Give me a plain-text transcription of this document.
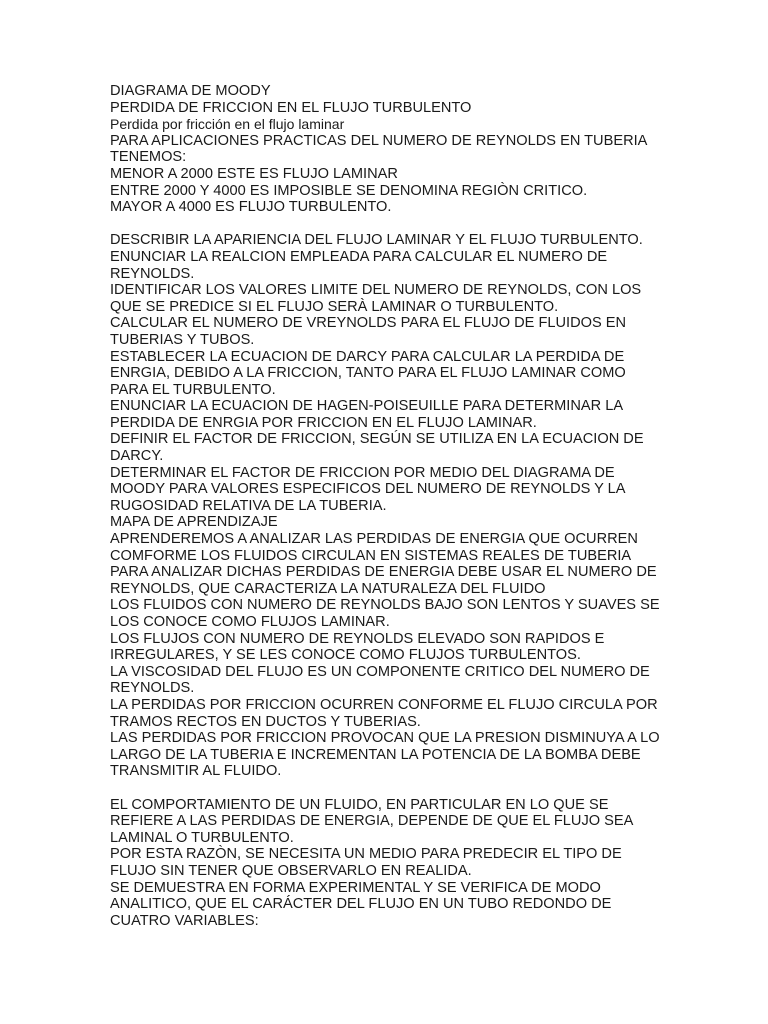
DIAGRAMA DE MOODY
PERDIDA DE FRICCION EN EL FLUJO TURBULENTO
Perdida por fricción en el flujo laminar
PARA APLICACIONES PRACTICAS DEL NUMERO DE REYNOLDS EN TUBERIA
TENEMOS:
MENOR A 2000 ESTE ES FLUJO LAMINAR
ENTRE 2000 Y 4000 ES IMPOSIBLE SE DENOMINA REGIÒN CRITICO.
MAYOR A 4000 ES FLUJO TURBULENTO.
DESCRIBIR LA APARIENCIA DEL FLUJO LAMINAR Y EL FLUJO TURBULENTO.
ENUNCIAR LA REALCION EMPLEADA PARA CALCULAR EL NUMERO DE
REYNOLDS.
IDENTIFICAR LOS VALORES LIMITE DEL NUMERO DE REYNOLDS, CON LOS
QUE SE PREDICE SI EL FLUJO SERÀ LAMINAR O TURBULENTO.
CALCULAR EL NUMERO DE VREYNOLDS PARA EL FLUJO DE FLUIDOS EN
TUBERIAS Y TUBOS.
ESTABLECER LA ECUACION DE DARCY PARA CALCULAR LA PERDIDA DE
ENRGIA, DEBIDO A LA FRICCION, TANTO PARA EL FLUJO LAMINAR COMO
PARA EL TURBULENTO.
ENUNCIAR LA ECUACION DE HAGEN-POISEUILLE PARA DETERMINAR LA
PERDIDA DE ENRGIA POR FRICCION EN EL FLUJO LAMINAR.
DEFINIR EL FACTOR DE FRICCION, SEGÚN SE UTILIZA EN LA ECUACION DE
DARCY.
DETERMINAR EL FACTOR DE FRICCION POR MEDIO DEL DIAGRAMA DE
MOODY PARA VALORES ESPECIFICOS DEL NUMERO DE REYNOLDS Y LA
RUGOSIDAD RELATIVA DE LA TUBERIA.
MAPA DE APRENDIZAJE
APRENDEREMOS A ANALIZAR LAS PERDIDAS DE ENERGIA QUE OCURREN
COMFORME LOS FLUIDOS CIRCULAN EN SISTEMAS REALES DE TUBERIA
PARA ANALIZAR DICHAS PERDIDAS DE ENERGIA DEBE USAR EL NUMERO DE
REYNOLDS, QUE CARACTERIZA LA NATURALEZA DEL FLUIDO
LOS FLUIDOS CON NUMERO DE REYNOLDS BAJO SON LENTOS Y SUAVES SE
LOS CONOCE COMO FLUJOS LAMINAR.
LOS FLUJOS CON NUMERO DE REYNOLDS ELEVADO SON RAPIDOS E
IRREGULARES, Y SE LES CONOCE COMO FLUJOS TURBULENTOS.
LA VISCOSIDAD DEL FLUJO ES UN COMPONENTE CRITICO DEL NUMERO DE
REYNOLDS.
LA PERDIDAS POR FRICCION OCURREN CONFORME EL FLUJO CIRCULA POR
TRAMOS RECTOS EN DUCTOS Y TUBERIAS.
LAS PERDIDAS POR FRICCION PROVOCAN QUE LA PRESION DISMINUYA A LO
LARGO DE LA TUBERIA E INCREMENTAN LA POTENCIA DE LA BOMBA DEBE
TRANSMITIR AL FLUIDO.
EL COMPORTAMIENTO DE UN FLUIDO, EN PARTICULAR EN LO QUE SE
REFIERE A LAS PERDIDAS DE ENERGIA, DEPENDE DE QUE EL FLUJO SEA
LAMINAL O TURBULENTO.
POR ESTA RAZÒN, SE NECESITA UN MEDIO PARA PREDECIR EL TIPO DE
FLUJO SIN TENER QUE OBSERVARLO EN REALIDA.
SE DEMUESTRA EN FORMA EXPERIMENTAL Y SE VERIFICA DE MODO
ANALITICO, QUE EL CARÁCTER DEL FLUJO EN UN TUBO REDONDO DE
CUATRO VARIABLES:
